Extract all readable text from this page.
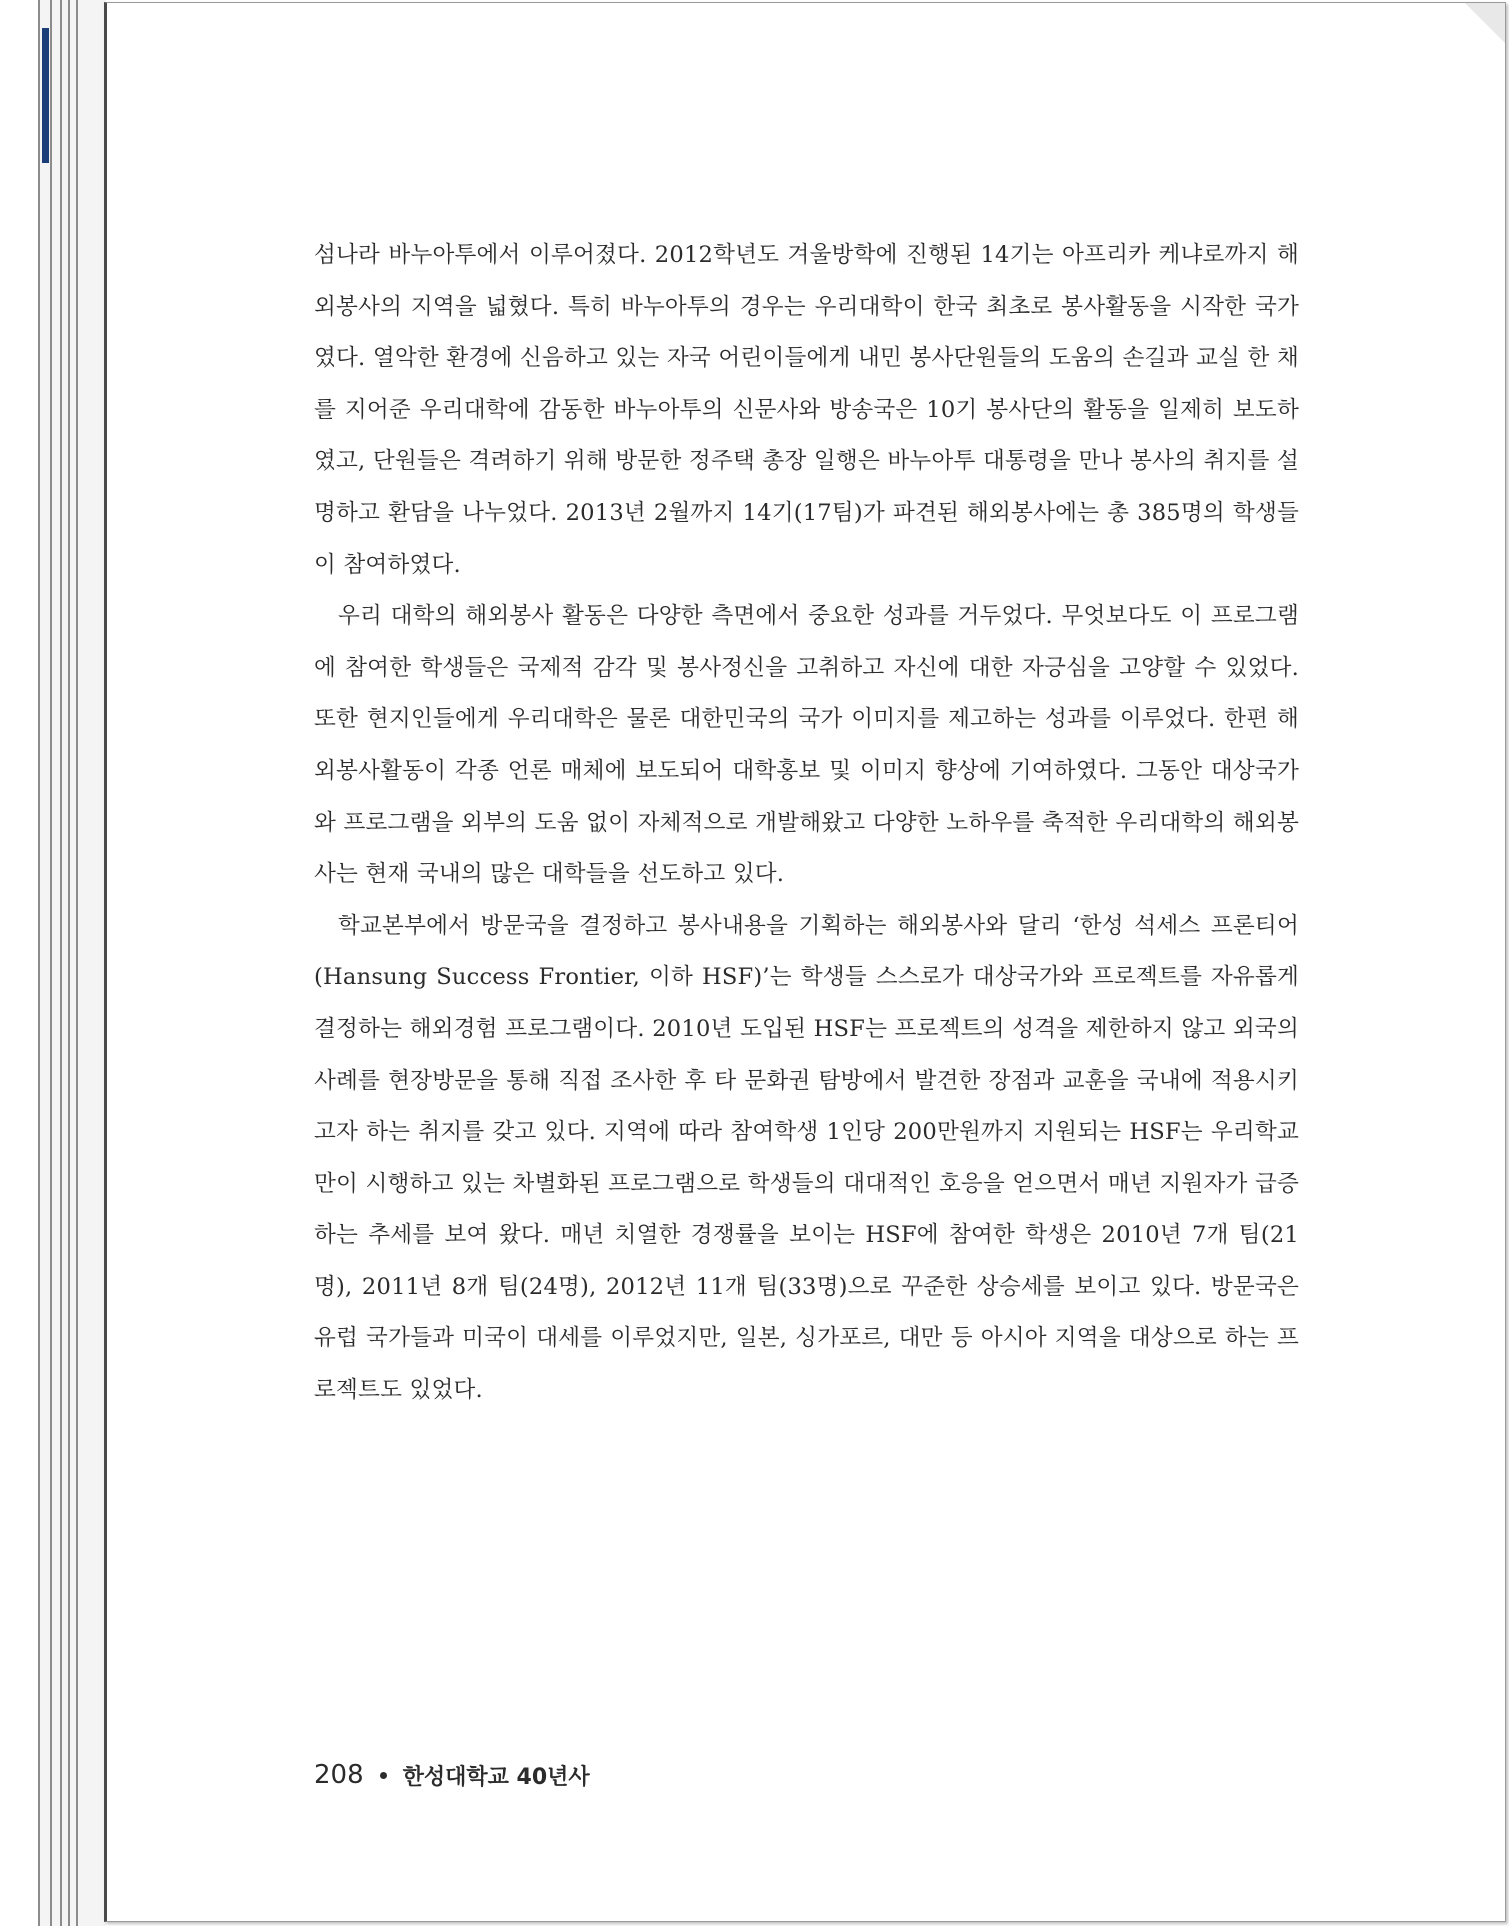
섬나라 바누아투에서 이루어졌다. 2012학년도 겨울방학에 진행된 14기는 아프리카 케냐로까지 해외봉사의 지역을 넓혔다. 특히 바누아투의 경우는 우리대학이 한국 최초로 봉사활동을 시작한 국가였다. 열악한 환경에 신음하고 있는 자국 어린이들에게 내민 봉사단원들의 도움의 손길과 교실 한 채를 지어준 우리대학에 감동한 바누아투의 신문사와 방송국은 10기 봉사단의 활동을 일제히 보도하였고, 단원들은 격려하기 위해 방문한 정주택 총장 일행은 바누아투 대통령을 만나 봉사의 취지를 설명하고 환담을 나누었다. 2013년 2월까지 14기(17팀)가 파견된 해외봉사에는 총 385명의 학생들이 참여하였다.

우리 대학의 해외봉사 활동은 다양한 측면에서 중요한 성과를 거두었다. 무엇보다도 이 프로그램에 참여한 학생들은 국제적 감각 및 봉사정신을 고취하고 자신에 대한 자긍심을 고양할 수 있었다. 또한 현지인들에게 우리대학은 물론 대한민국의 국가 이미지를 제고하는 성과를 이루었다. 한편 해외봉사활동이 각종 언론 매체에 보도되어 대학홍보 및 이미지 향상에 기여하였다. 그동안 대상국가와 프로그램을 외부의 도움 없이 자체적으로 개발해왔고 다양한 노하우를 축적한 우리대학의 해외봉사는 현재 국내의 많은 대학들을 선도하고 있다.

학교본부에서 방문국을 결정하고 봉사내용을 기획하는 해외봉사와 달리 ‘한성 석세스 프론티어(Hansung Success Frontier, 이하 HSF)’는 학생들 스스로가 대상국가와 프로젝트를 자유롭게 결정하는 해외경험 프로그램이다. 2010년 도입된 HSF는 프로젝트의 성격을 제한하지 않고 외국의 사례를 현장방문을 통해 직접 조사한 후 타 문화권 탐방에서 발견한 장점과 교훈을 국내에 적용시키고자 하는 취지를 갖고 있다. 지역에 따라 참여학생 1인당 200만원까지 지원되는 HSF는 우리학교 만이 시행하고 있는 차별화된 프로그램으로 학생들의 대대적인 호응을 얻으면서 매년 지원자가 급증하는 추세를 보여 왔다. 매년 치열한 경쟁률을 보이는 HSF에 참여한 학생은 2010년 7개 팀(21명), 2011년 8개 팀(24명), 2012년 11개 팀(33명)으로 꾸준한 상승세를 보이고 있다. 방문국은 유럽 국가들과 미국이 대세를 이루었지만, 일본, 싱가포르, 대만 등 아시아 지역을 대상으로 하는 프로젝트도 있었다.

208 한성대학교 40년사
